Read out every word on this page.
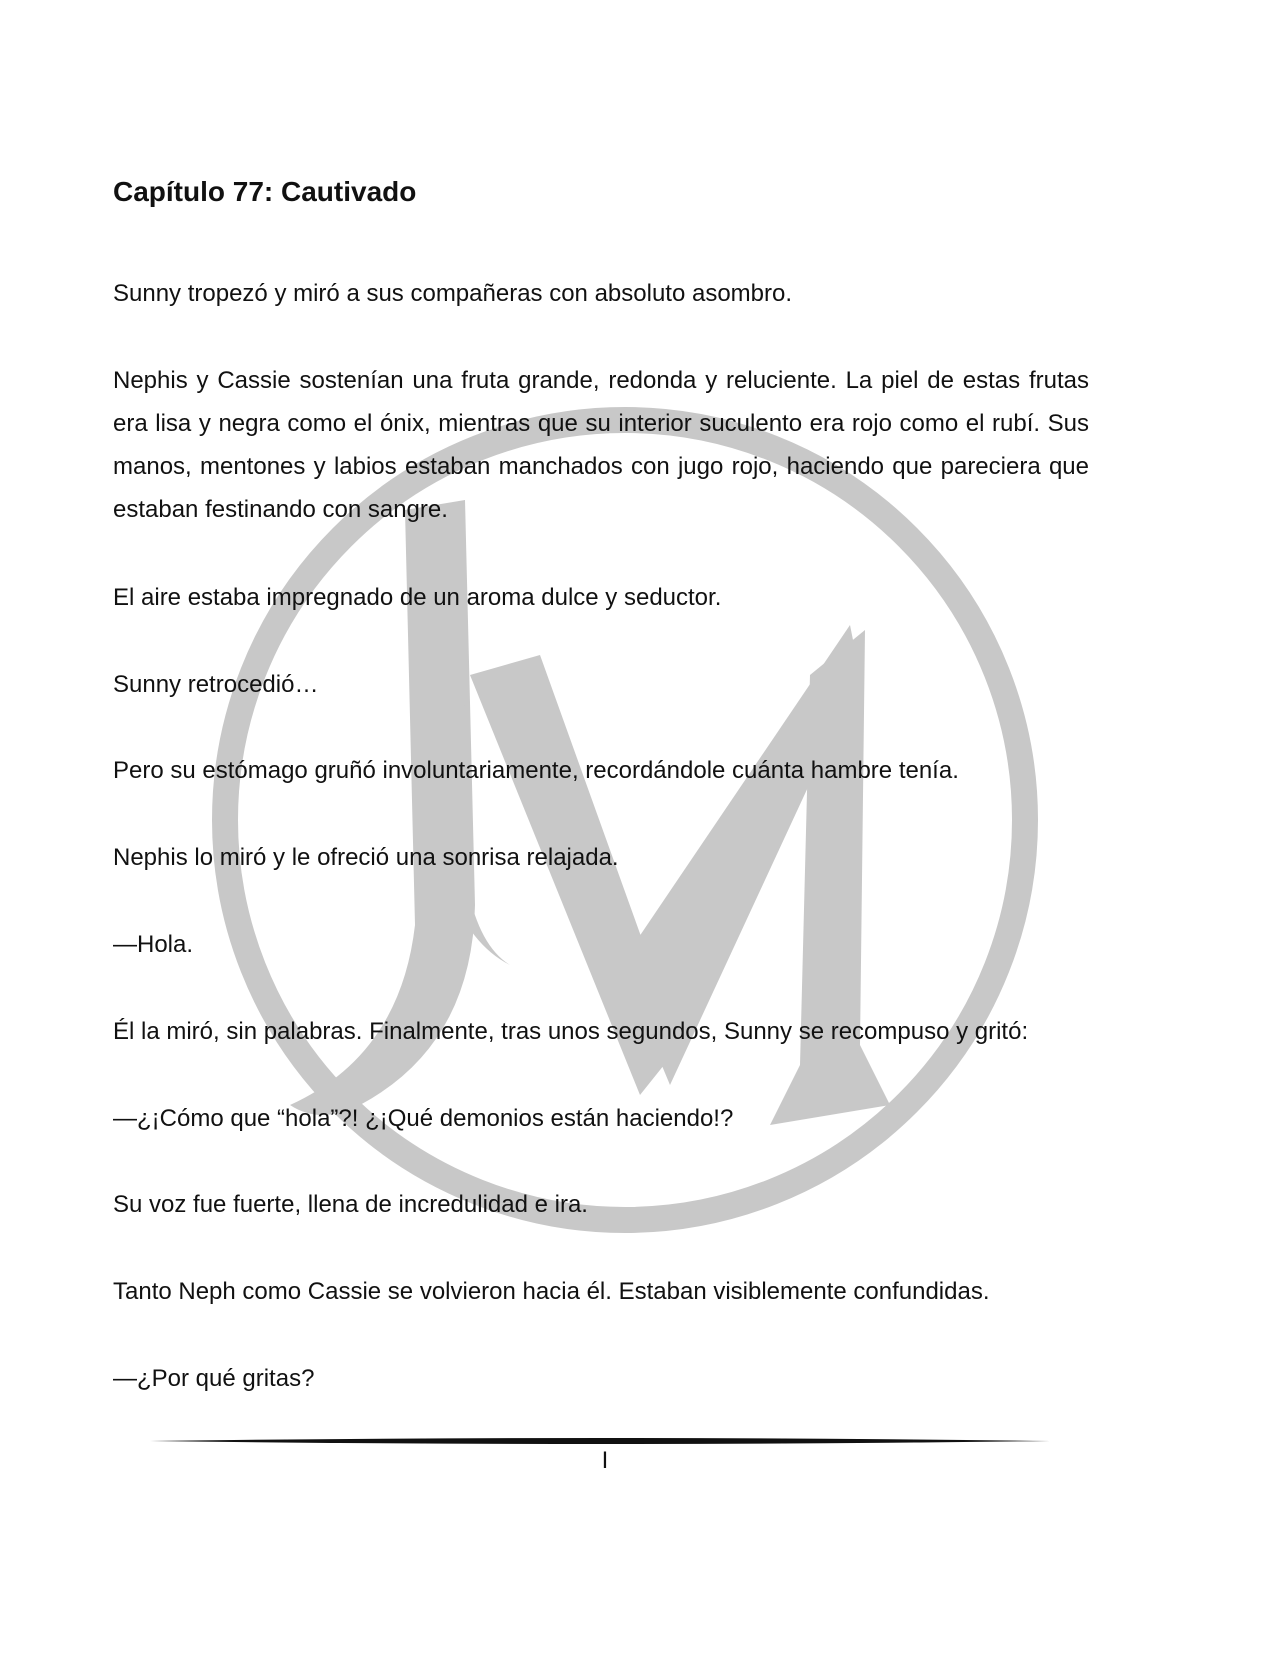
Capítulo 77: Cautivado

Sunny tropezó y miró a sus compañeras con absoluto asombro.

Nephis y Cassie sostenían una fruta grande, redonda y reluciente. La piel de estas frutas era lisa y negra como el ónix, mientras que su interior suculento era rojo como el rubí. Sus manos, mentones y labios estaban manchados con jugo rojo, haciendo que pareciera que estaban festinando con sangre.

El aire estaba impregnado de un aroma dulce y seductor.

Sunny retrocedió…

Pero su estómago gruñó involuntariamente, recordándole cuánta hambre tenía.

Nephis lo miró y le ofreció una sonrisa relajada.

—Hola.

Él la miró, sin palabras. Finalmente, tras unos segundos, Sunny se recompuso y gritó:

—¿¡Cómo que “hola”?! ¿¡Qué demonios están haciendo!?

Su voz fue fuerte, llena de incredulidad e ira.

Tanto Neph como Cassie se volvieron hacia él. Estaban visiblemente confundidas.

—¿Por qué gritas?

I
